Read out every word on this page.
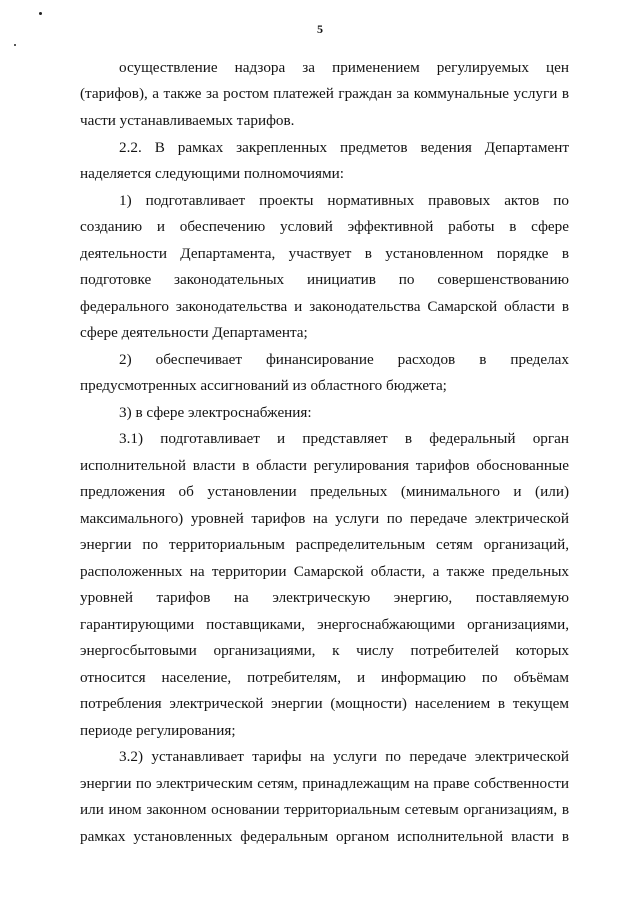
5
осуществление надзора за применением регулируемых цен
(тарифов), а также за ростом платежей граждан за коммунальные услуги в
части устанавливаемых тарифов.
2.2. В рамках закрепленных предметов ведения Департамент
наделяется следующими полномочиями:
1) подготавливает проекты нормативных правовых актов по
созданию и обеспечению условий эффективной работы в сфере
деятельности Департамента, участвует в установленном порядке в
подготовке законодательных инициатив по совершенствованию
федерального законодательства и законодательства Самарской области в
сфере деятельности Департамента;
2) обеспечивает финансирование расходов в пределах
предусмотренных ассигнований из областного бюджета;
3) в сфере электроснабжения:
3.1) подготавливает и представляет в федеральный орган
исполнительной власти в области регулирования тарифов обоснованные
предложения об установлении предельных (минимального и (или)
максимального) уровней тарифов на услуги по передаче электрической
энергии по территориальным распределительным сетям организаций,
расположенных на территории Самарской области, а также предельных
уровней тарифов на электрическую энергию, поставляемую
гарантирующими поставщиками, энергоснабжающими организациями,
энергосбытовыми организациями, к числу потребителей которых
относится население, потребителям, и информацию по объёмам
потребления электрической энергии (мощности) населением в текущем
периоде регулирования;
3.2) устанавливает тарифы на услуги по передаче электрической
энергии по электрическим сетям, принадлежащим на праве собственности
или ином законном основании территориальным сетевым организациям, в
рамках установленных федеральным органом исполнительной власти в
